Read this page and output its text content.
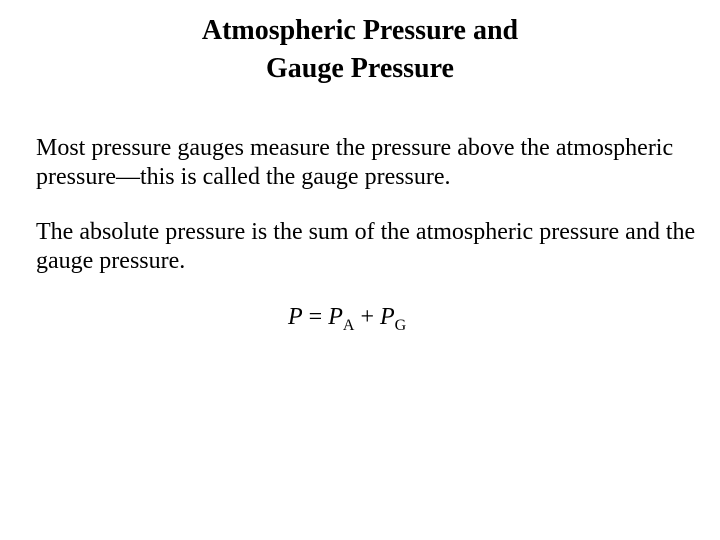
Atmospheric Pressure and
Gauge Pressure
Most pressure gauges measure the pressure above the atmospheric pressure—this is called the gauge pressure.
The absolute pressure is the sum of the atmospheric pressure and the gauge pressure.
$P = P_A + P_G$
